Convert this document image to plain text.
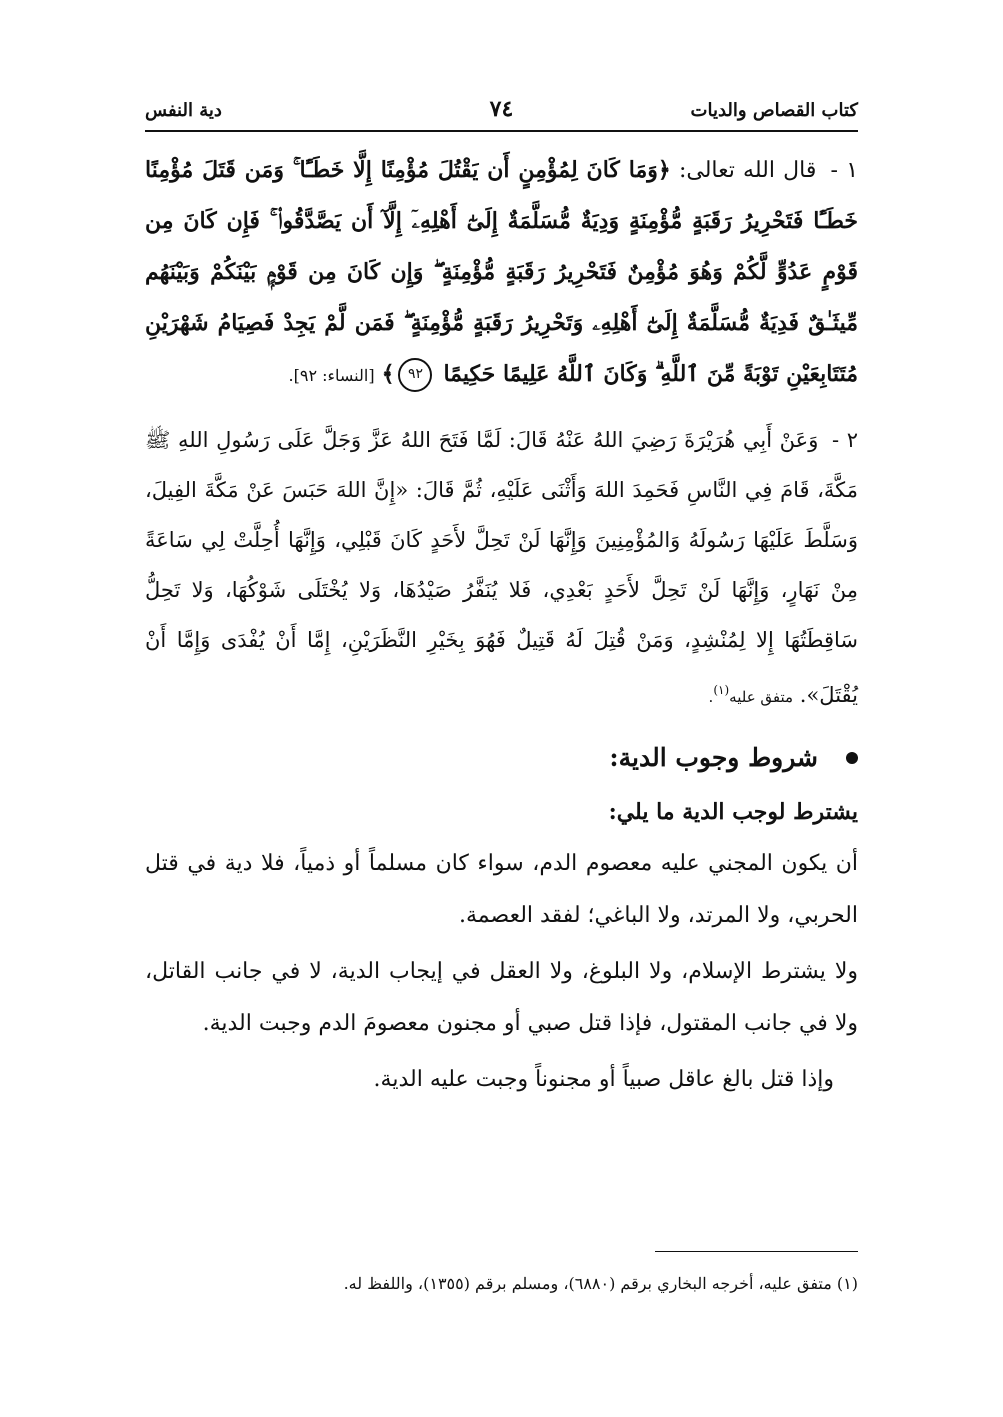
كتاب القصاص والديات
٧٤
دية النفس
١ - قال الله تعالى: ﴿وَمَا كَانَ لِمُؤْمِنٍ أَن يَقْتُلَ مُؤْمِنًا إِلَّا خَطَـًٔا ۚ وَمَن قَتَلَ مُؤْمِنًا خَطَـًٔا فَتَحْرِيرُ رَقَبَةٍ مُّؤْمِنَةٍ وَدِيَةٌ مُّسَلَّمَةٌ إِلَىٰٓ أَهْلِهِۦٓ إِلَّآ أَن يَصَّدَّقُوا۟ ۚ فَإِن كَانَ مِن قَوْمٍ عَدُوٍّ لَّكُمْ وَهُوَ مُؤْمِنٌ فَتَحْرِيرُ رَقَبَةٍ مُّؤْمِنَةٍ ۖ وَإِن كَانَ مِن قَوْمٍۭ بَيْنَكُمْ وَبَيْنَهُم مِّيثَـٰقٌ فَدِيَةٌ مُّسَلَّمَةٌ إِلَىٰٓ أَهْلِهِۦ وَتَحْرِيرُ رَقَبَةٍ مُّؤْمِنَةٍ ۖ فَمَن لَّمْ يَجِدْ فَصِيَامُ شَهْرَيْنِ مُتَتَابِعَيْنِ تَوْبَةً مِّنَ ٱللَّهِ ۗ وَكَانَ ٱللَّهُ عَلِيمًا حَكِيمًا ٩٢﴾ [النساء: ٩٢].
٢ - وَعَنْ أَبِي هُرَيْرَةَ رَضِيَ اللهُ عَنْهُ قَالَ: لَمَّا فَتَحَ اللهُ عَزَّ وَجَلَّ عَلَى رَسُولِ اللهِ ﷺ مَكَّةَ، قَامَ فِي النَّاسِ فَحَمِدَ اللهَ وَأَثْنَى عَلَيْهِ، ثُمَّ قَالَ: «إِنَّ اللهَ حَبَسَ عَنْ مَكَّةَ الفِيلَ، وَسَلَّطَ عَلَيْهَا رَسُولَهُ وَالمُؤْمِنِينَ وَإِنَّهَا لَنْ تَحِلَّ لأَحَدٍ كَانَ قَبْلِي، وَإِنَّهَا أُحِلَّتْ لِي سَاعَةً مِنْ نَهَارٍ، وَإِنَّهَا لَنْ تَحِلَّ لأَحَدٍ بَعْدِي، فَلا يُنَفَّرُ صَيْدُهَا، وَلا يُخْتَلَى شَوْكُهَا، وَلا تَحِلُّ سَاقِطَتُهَا إِلا لِمُنْشِدٍ، وَمَنْ قُتِلَ لَهُ قَتِيلٌ فَهُوَ بِخَيْرِ النَّظَرَيْنِ، إِمَّا أَنْ يُفْدَى وَإِمَّا أَنْ يُقْتَلَ». متفق عليه$^{(١)}$.
شروط وجوب الدية:
يشترط لوجب الدية ما يلي:
أن يكون المجني عليه معصوم الدم، سواء كان مسلماً أو ذمياً، فلا دية في قتل الحربي، ولا المرتد، ولا الباغي؛ لفقد العصمة.
ولا يشترط الإسلام، ولا البلوغ، ولا العقل في إيجاب الدية، لا في جانب القاتل، ولا في جانب المقتول، فإذا قتل صبي أو مجنون معصومَ الدم وجبت الدية.
وإذا قتل بالغ عاقل صبياً أو مجنوناً وجبت عليه الدية.
(١) متفق عليه، أخرجه البخاري برقم (٦٨٨٠)، ومسلم برقم (١٣٥٥)، واللفظ له.
